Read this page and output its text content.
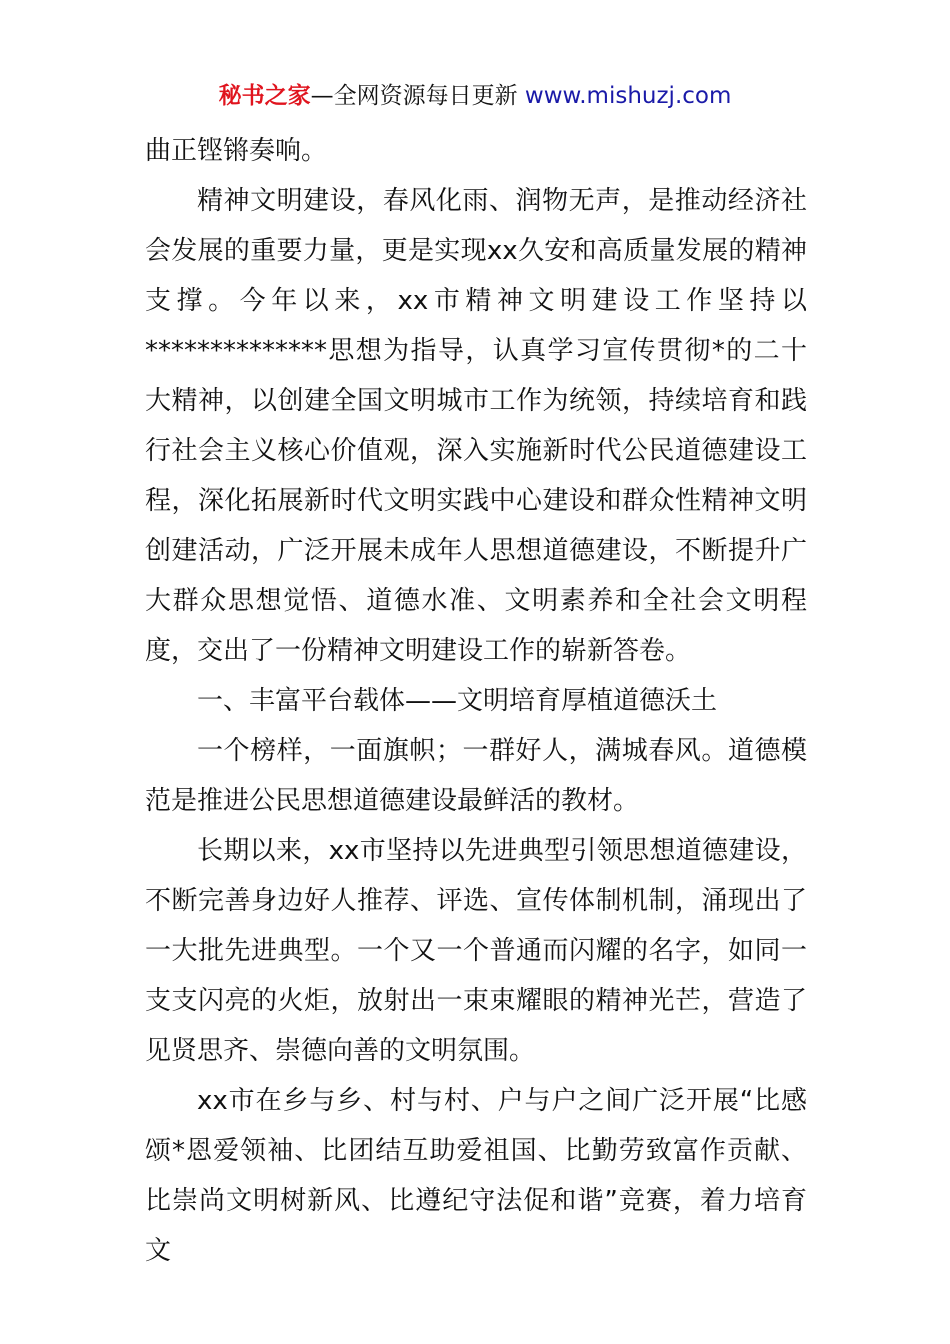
秘书之家—全网资源每日更新 www.mishuzj.com

曲正铿锵奏响。

精神文明建设，春风化雨、润物无声，是推动经济社会发展的重要力量，更是实现xx久安和高质量发展的精神支撑。今年以来，xx市精神文明建设工作坚持以**************思想为指导，认真学习宣传贯彻*的二十大精神，以创建全国文明城市工作为统领，持续培育和践行社会主义核心价值观，深入实施新时代公民道德建设工程，深化拓展新时代文明实践中心建设和群众性精神文明创建活动，广泛开展未成年人思想道德建设，不断提升广大群众思想觉悟、道德水准、文明素养和全社会文明程度，交出了一份精神文明建设工作的崭新答卷。

一、丰富平台载体——文明培育厚植道德沃土

一个榜样，一面旗帜；一群好人，满城春风。道德模范是推进公民思想道德建设最鲜活的教材。

长期以来，xx市坚持以先进典型引领思想道德建设，不断完善身边好人推荐、评选、宣传体制机制，涌现出了一大批先进典型。一个又一个普通而闪耀的名字，如同一支支闪亮的火炬，放射出一束束耀眼的精神光芒，营造了见贤思齐、崇德向善的文明氛围。

xx市在乡与乡、村与村、户与户之间广泛开展“比感颂*恩爱领袖、比团结互助爱祖国、比勤劳致富作贡献、比崇尚文明树新风、比遵纪守法促和谐”竞赛，着力培育文
